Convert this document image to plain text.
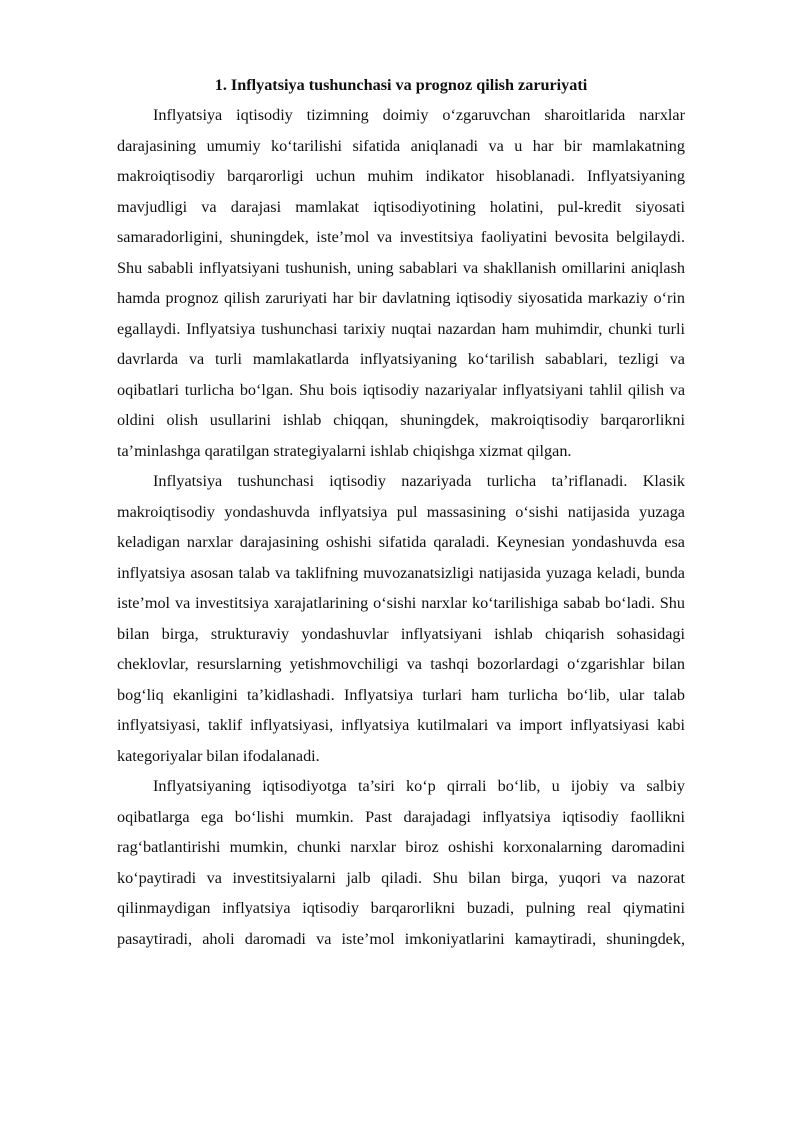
1. Inflyatsiya tushunchasi va prognoz qilish zaruriyati

Inflyatsiya iqtisodiy tizimning doimiy o‘zgaruvchan sharoitlarida narxlar darajasining umumiy ko‘tarilishi sifatida aniqlanadi va u har bir mamlakatning makroiqtisodiy barqarorligi uchun muhim indikator hisoblanadi. Inflyatsiyaning mavjudligi va darajasi mamlakat iqtisodiyotining holatini, pul-kredit siyosati samaradorligini, shuningdek, iste’mol va investitsiya faoliyatini bevosita belgilaydi. Shu sababli inflyatsiyani tushunish, uning sabablari va shakllanish omillarini aniqlash hamda prognoz qilish zaruriyati har bir davlatning iqtisodiy siyosatida markaziy o‘rin egallaydi. Inflyatsiya tushunchasi tarixiy nuqtai nazardan ham muhimdir, chunki turli davrlarda va turli mamlakatlarda inflyatsiyaning ko‘tarilish sabablari, tezligi va oqibatlari turlicha bo‘lgan. Shu bois iqtisodiy nazariyalar inflyatsiyani tahlil qilish va oldini olish usullarini ishlab chiqqan, shuningdek, makroiqtisodiy barqarorlikni ta’minlashga qaratilgan strategiyalarni ishlab chiqishga xizmat qilgan.

Inflyatsiya tushunchasi iqtisodiy nazariyada turlicha ta’riflanadi. Klasik makroiqtisodiy yondashuvda inflyatsiya pul massasining o‘sishi natijasida yuzaga keladigan narxlar darajasining oshishi sifatida qaraladi. Keynesian yondashuvda esa inflyatsiya asosan talab va taklifning muvozanatsizligi natijasida yuzaga keladi, bunda iste’mol va investitsiya xarajatlarining o‘sishi narxlar ko‘tarilishiga sabab bo‘ladi. Shu bilan birga, strukturaviy yondashuvlar inflyatsiyani ishlab chiqarish sohasidagi cheklovlar, resurslarning yetishmovchiligi va tashqi bozorlardagi o‘zgarishlar bilan bog‘liq ekanligini ta’kidlashadi. Inflyatsiya turlari ham turlicha bo‘lib, ular talab inflyatsiyasi, taklif inflyatsiyasi, inflyatsiya kutilmalari va import inflyatsiyasi kabi kategoriyalar bilan ifodalanadi.

Inflyatsiyaning iqtisodiyotga ta’siri ko‘p qirrali bo‘lib, u ijobiy va salbiy oqibatlarga ega bo‘lishi mumkin. Past darajadagi inflyatsiya iqtisodiy faollikni rag‘batlantirishi mumkin, chunki narxlar biroz oshishi korxonalarning daromadini ko‘paytiradi va investitsiyalarni jalb qiladi. Shu bilan birga, yuqori va nazorat qilinmaydigan inflyatsiya iqtisodiy barqarorlikni buzadi, pulning real qiymatini pasaytiradi, aholi daromadi va iste’mol imkoniyatlarini kamaytiradi, shuningdek,
